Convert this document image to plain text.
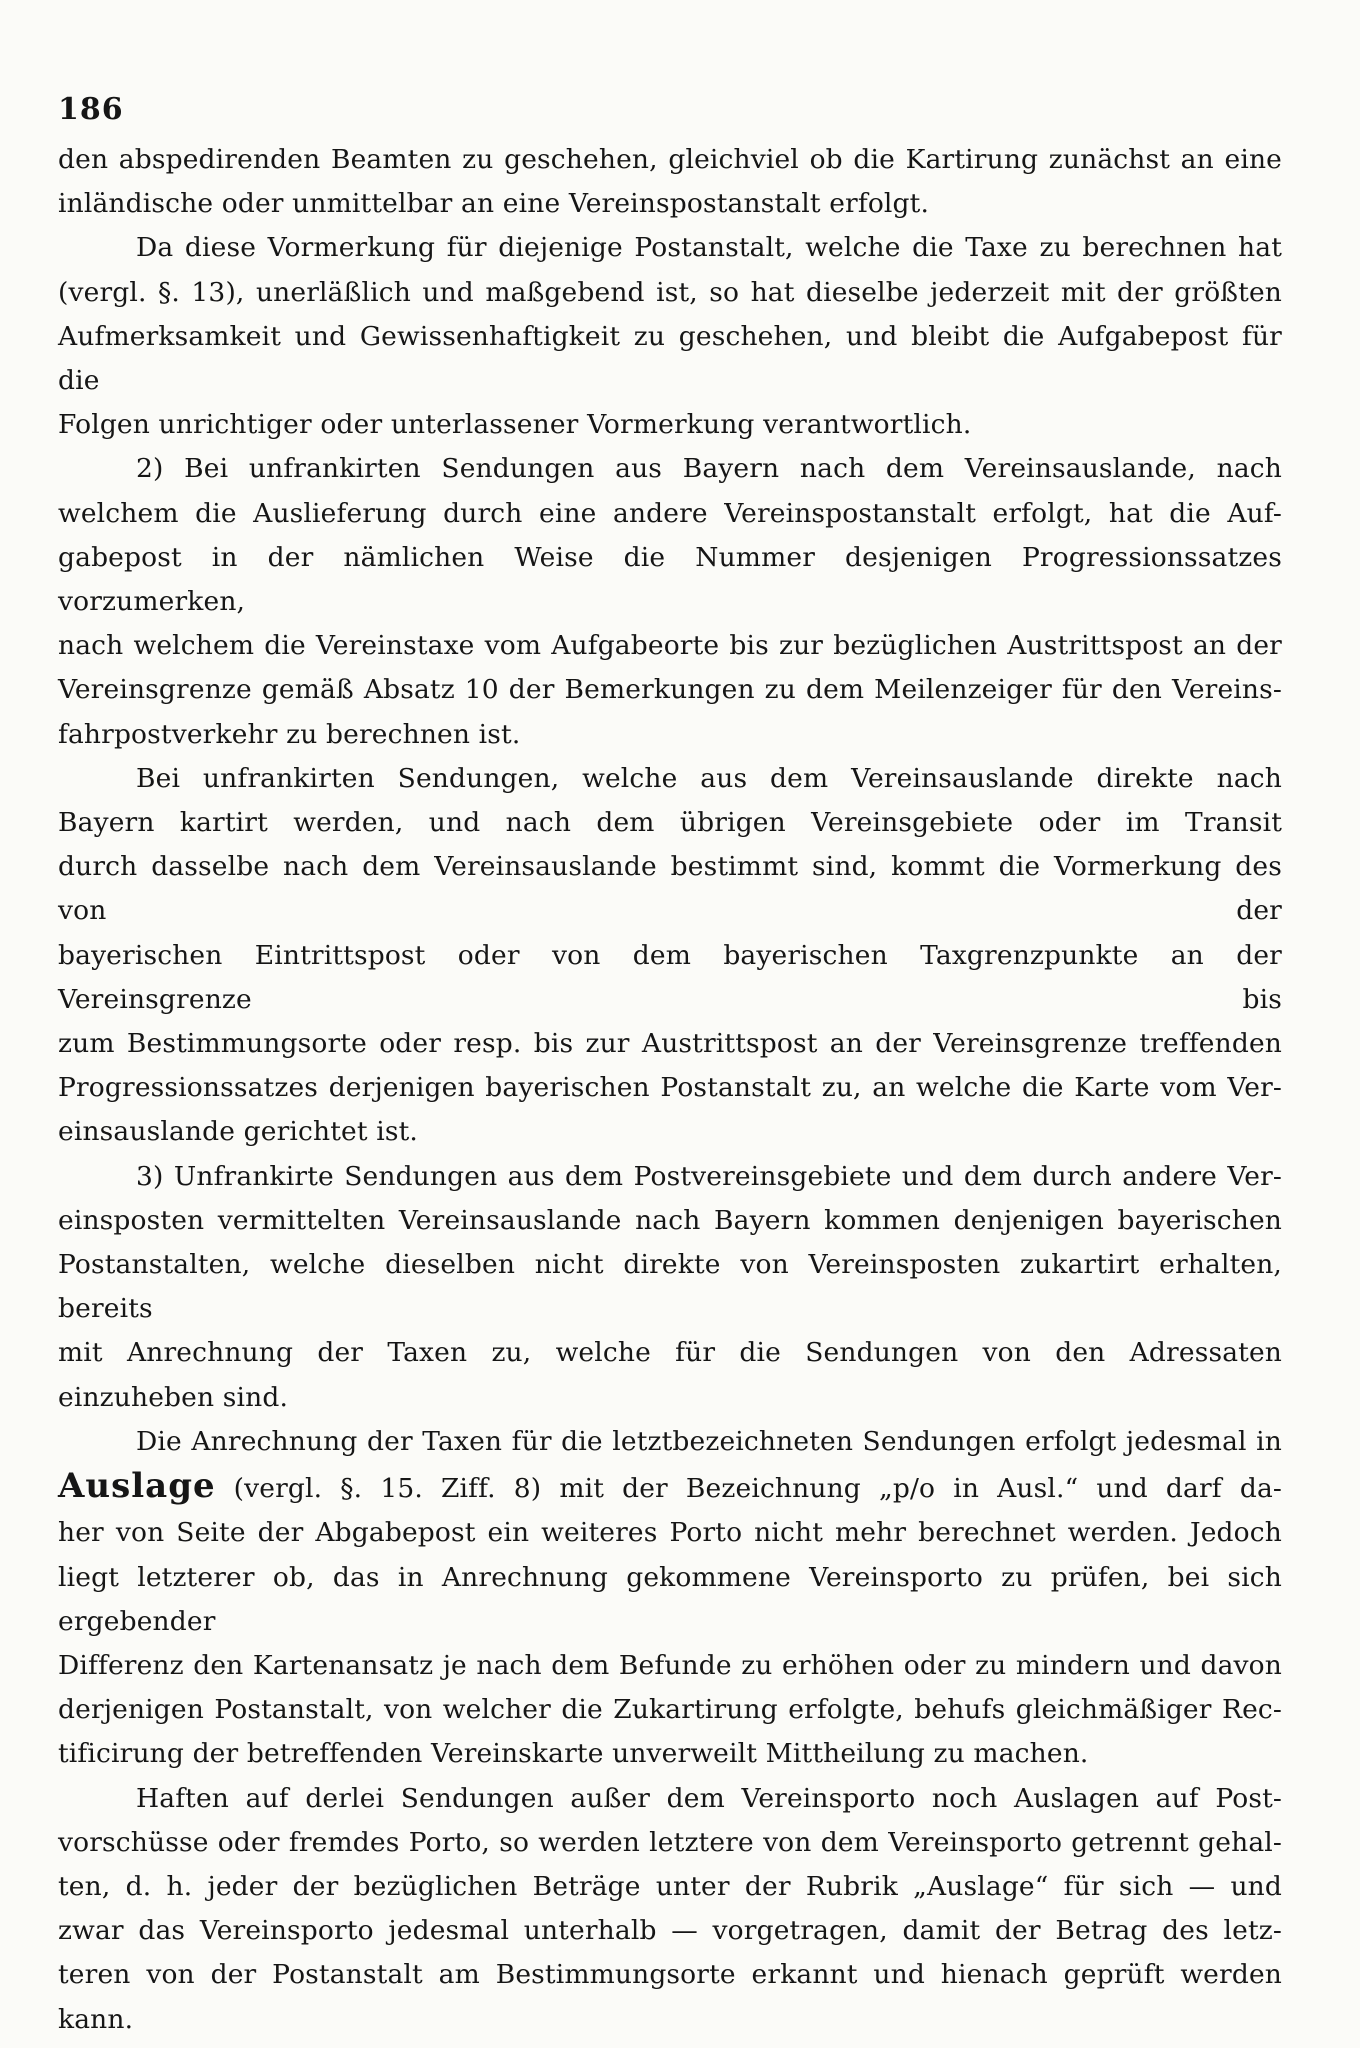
186

den abspedirenden Beamten zu geschehen, gleichviel ob die Kartirung zunächst an eine

inländische oder unmittelbar an eine Vereinspostanstalt erfolgt.

Da diese Vormerkung für diejenige Postanstalt, welche die Taxe zu berechnen hat

(vergl. §. 13), unerläßlich und maßgebend ist, so hat dieselbe jederzeit mit der größten

Aufmerksamkeit und Gewissenhaftigkeit zu geschehen, und bleibt die Aufgabepost für die

Folgen unrichtiger oder unterlassener Vormerkung verantwortlich.

2) Bei unfrankirten Sendungen aus Bayern nach dem Vereinsauslande, nach

welchem die Auslieferung durch eine andere Vereinspostanstalt erfolgt, hat die Auf-

gabepost in der nämlichen Weise die Nummer desjenigen Progressionssatzes vorzumerken,

nach welchem die Vereinstaxe vom Aufgabeorte bis zur bezüglichen Austrittspost an der

Vereinsgrenze gemäß Absatz 10 der Bemerkungen zu dem Meilenzeiger für den Vereins-

fahrpostverkehr zu berechnen ist.

Bei unfrankirten Sendungen, welche aus dem Vereinsauslande direkte nach

Bayern kartirt werden, und nach dem übrigen Vereinsgebiete oder im Transit

durch dasselbe nach dem Vereinsauslande bestimmt sind, kommt die Vormerkung des von der

bayerischen Eintrittspost oder von dem bayerischen Taxgrenzpunkte an der Vereinsgrenze bis

zum Bestimmungsorte oder resp. bis zur Austrittspost an der Vereinsgrenze treffenden

Progressionssatzes derjenigen bayerischen Postanstalt zu, an welche die Karte vom Ver-

einsauslande gerichtet ist.

3) Unfrankirte Sendungen aus dem Postvereinsgebiete und dem durch andere Ver-

einsposten vermittelten Vereinsauslande nach Bayern kommen denjenigen bayerischen

Postanstalten, welche dieselben nicht direkte von Vereinsposten zukartirt erhalten, bereits

mit Anrechnung der Taxen zu, welche für die Sendungen von den Adressaten

einzuheben sind.

Die Anrechnung der Taxen für die letztbezeichneten Sendungen erfolgt jedesmal in

Auslage (vergl. §. 15. Ziff. 8) mit der Bezeichnung „p/o in Ausl.“ und darf da-

her von Seite der Abgabepost ein weiteres Porto nicht mehr berechnet werden. Jedoch

liegt letzterer ob, das in Anrechnung gekommene Vereinsporto zu prüfen, bei sich ergebender

Differenz den Kartenansatz je nach dem Befunde zu erhöhen oder zu mindern und davon

derjenigen Postanstalt, von welcher die Zukartirung erfolgte, behufs gleichmäßiger Rec-

tificirung der betreffenden Vereinskarte unverweilt Mittheilung zu machen.

Haften auf derlei Sendungen außer dem Vereinsporto noch Auslagen auf Post-

vorschüsse oder fremdes Porto, so werden letztere von dem Vereinsporto getrennt gehal-

ten, d. h. jeder der bezüglichen Beträge unter der Rubrik „Auslage“ für sich — und

zwar das Vereinsporto jedesmal unterhalb — vorgetragen, damit der Betrag des letz-

teren von der Postanstalt am Bestimmungsorte erkannt und hienach geprüft werden kann.
